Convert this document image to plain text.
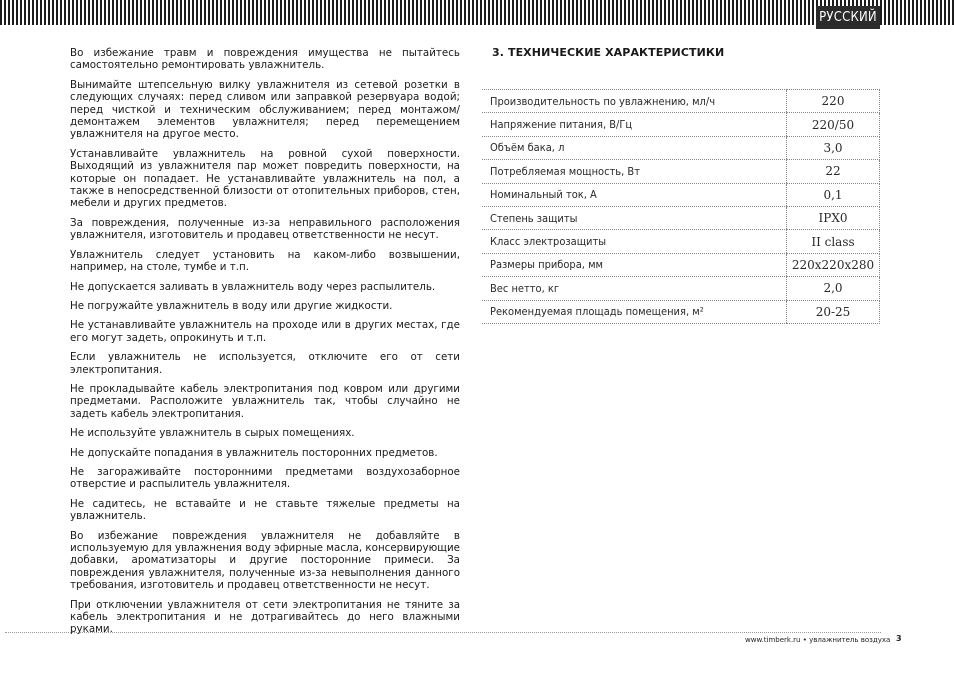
РУССКИЙ

Во избежание травм и повреждения имущества не пытайтесь самостоятельно ремонтировать увлажнитель.

Вынимайте штепсельную вилку увлажнителя из сетевой розетки в следующих случаях: перед сливом или заправкой резервуара водой; перед чисткой и техническим обслуживанием; перед монтажом/демонтажем элементов увлажнителя; перед перемещением увлажнителя на другое место.

Устанавливайте увлажнитель на ровной сухой поверхности. Выходящий из увлажнителя пар может повредить поверхности, на которые он попадает. Не устанавливайте увлажнитель на пол, а также в непосредственной близости от отопительных приборов, стен, мебели и других предметов.

За повреждения, полученные из-за неправильного расположения увлажнителя, изготовитель и продавец ответственности не несут.

Увлажнитель следует установить на каком-либо возвышении, например, на столе, тумбе и т.п.

Не допускается заливать в увлажнитель воду через распылитель.

Не погружайте увлажнитель в воду или другие жидкости.

Не устанавливайте увлажнитель на проходе или в других местах, где его могут задеть, опрокинуть и т.п.

Если увлажнитель не используется, отключите его от сети электропитания.

Не прокладывайте кабель электропитания под ковром или другими предметами. Расположите увлажнитель так, чтобы случайно не задеть кабель электропитания.

Не используйте увлажнитель в сырых помещениях.

Не допускайте попадания в увлажнитель посторонних предметов.

Не загораживайте посторонними предметами воздухозаборное отверстие и распылитель увлажнителя.

Не садитесь, не вставайте и не ставьте тяжелые предметы на увлажнитель.

Во избежание повреждения увлажнителя не добавляйте в используемую для увлажнения воду эфирные масла, консервирующие добавки, ароматизаторы и другие посторонние примеси. За повреждения увлажнителя, полученные из-за невыполнения данного требования, изготовитель и продавец ответственности не несут.

При отключении увлажнителя от сети электропитания не тяните за кабель электропитания и не дотрагивайтесь до него влажными руками.

3. ТЕХНИЧЕСКИЕ ХАРАКТЕРИСТИКИ
Производительность по увлажнению, мл/ч	220
Напряжение питания, В/Гц	220/50
Объём бака, л	3,0
Потребляемая мощность, Вт	22
Номинальный ток, А	0,1
Степень защиты	IPX0
Класс электрозащиты	II class
Размеры прибора, мм	220x220x280
Вес нетто, кг	2,0
Рекомендуемая площадь помещения, м²	20-25
www.timberk.ru • увлажнитель воздуха 3
